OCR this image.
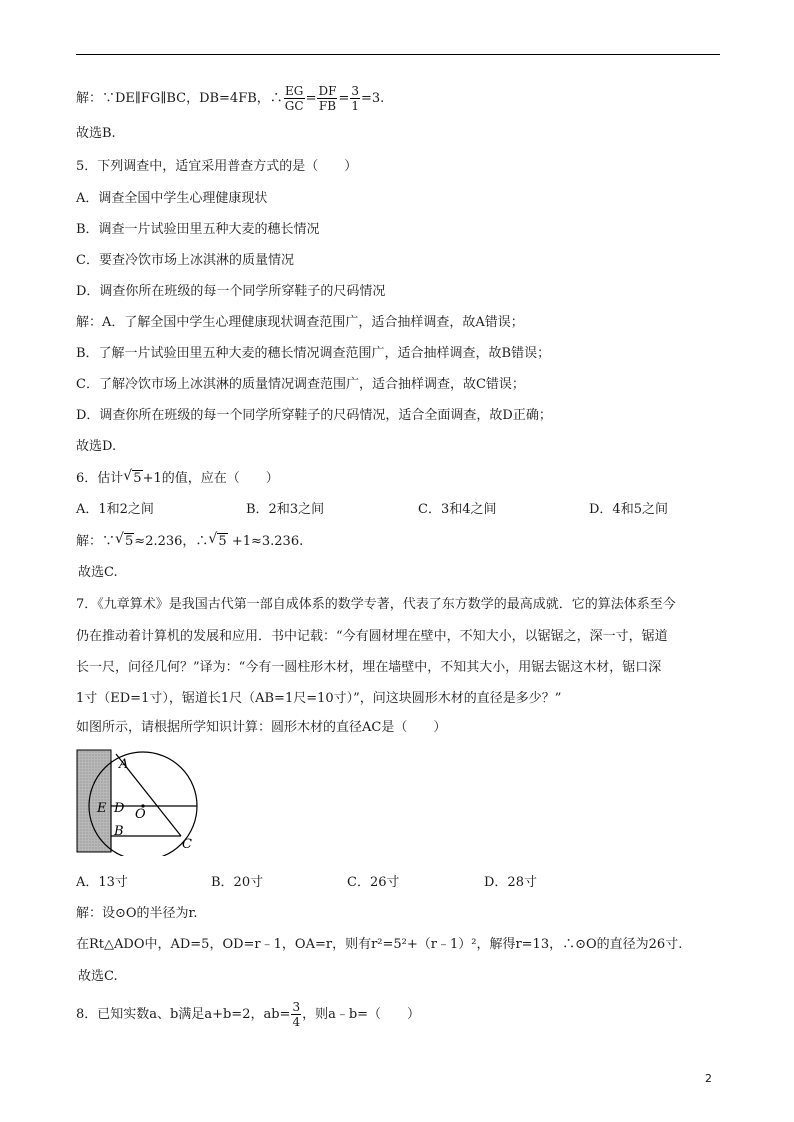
解：∵DE∥FG∥BC，DB=4FB，∴ $\frac{EG}{GC} = \frac{DF}{FB} = \frac{3}{1} =3$.
故选B.
5．下列调查中，适宜采用普查方式的是（　　）
A．调查全国中学生心理健康现状
B．调查一片试验田里五种大麦的穗长情况
C．要查冷饮市场上冰淇淋的质量情况
D．调查你所在班级的每一个同学所穿鞋子的尺码情况
解：A．了解全国中学生心理健康现状调查范围广，适合抽样调查，故A错误；
B．了解一片试验田里五种大麦的穗长情况调查范围广，适合抽样调查，故B错误；
C．了解冷饮市场上冰淇淋的质量情况调查范围广，适合抽样调查，故C错误；
D．调查你所在班级的每一个同学所穿鞋子的尺码情况，适合全面调查，故D正确；
故选D.
6．估计 √ 5+1的值，应在（　　）
A．1和2之间	B．2和3之间	C．3和4之间	D．4和5之间
解：∵ √ 5≈2.236，∴ √ 5 +1≈3.236.
故选C.
7．《九章算术》是我国古代第一部自成体系的数学专著，代表了东方数学的最高成就．它的算法体系至今
仍在推动着计算机的发展和应用．书中记载：“今有圆材埋在壁中，不知大小，以锯锯之，深一寸，锯道
长一尺，问径几何？”译为：“今有一圆柱形木材，埋在墙壁中，不知其大小，用锯去锯这木材，锯口深
1寸（ED=1寸），锯道长1尺（AB=1尺=10寸）”，问这块圆形木材的直径是多少？”
如图所示，请根据所学知识计算：圆形木材的直径AC是（　　）
A
E D O
B
C
A．13寸	B．20寸	C．26寸	D．28寸
解：设⊙O的半径为r.
在Rt△ADO中，AD=5，OD=r﹣1，OA=r，则有r²=5²+（r﹣1）²，解得r=13，∴⊙O的直径为26寸.
故选C.
8．已知实数a、b满足a+b=2，$ab= \frac{3}{4}$ ，则a﹣b=（　　）
2
